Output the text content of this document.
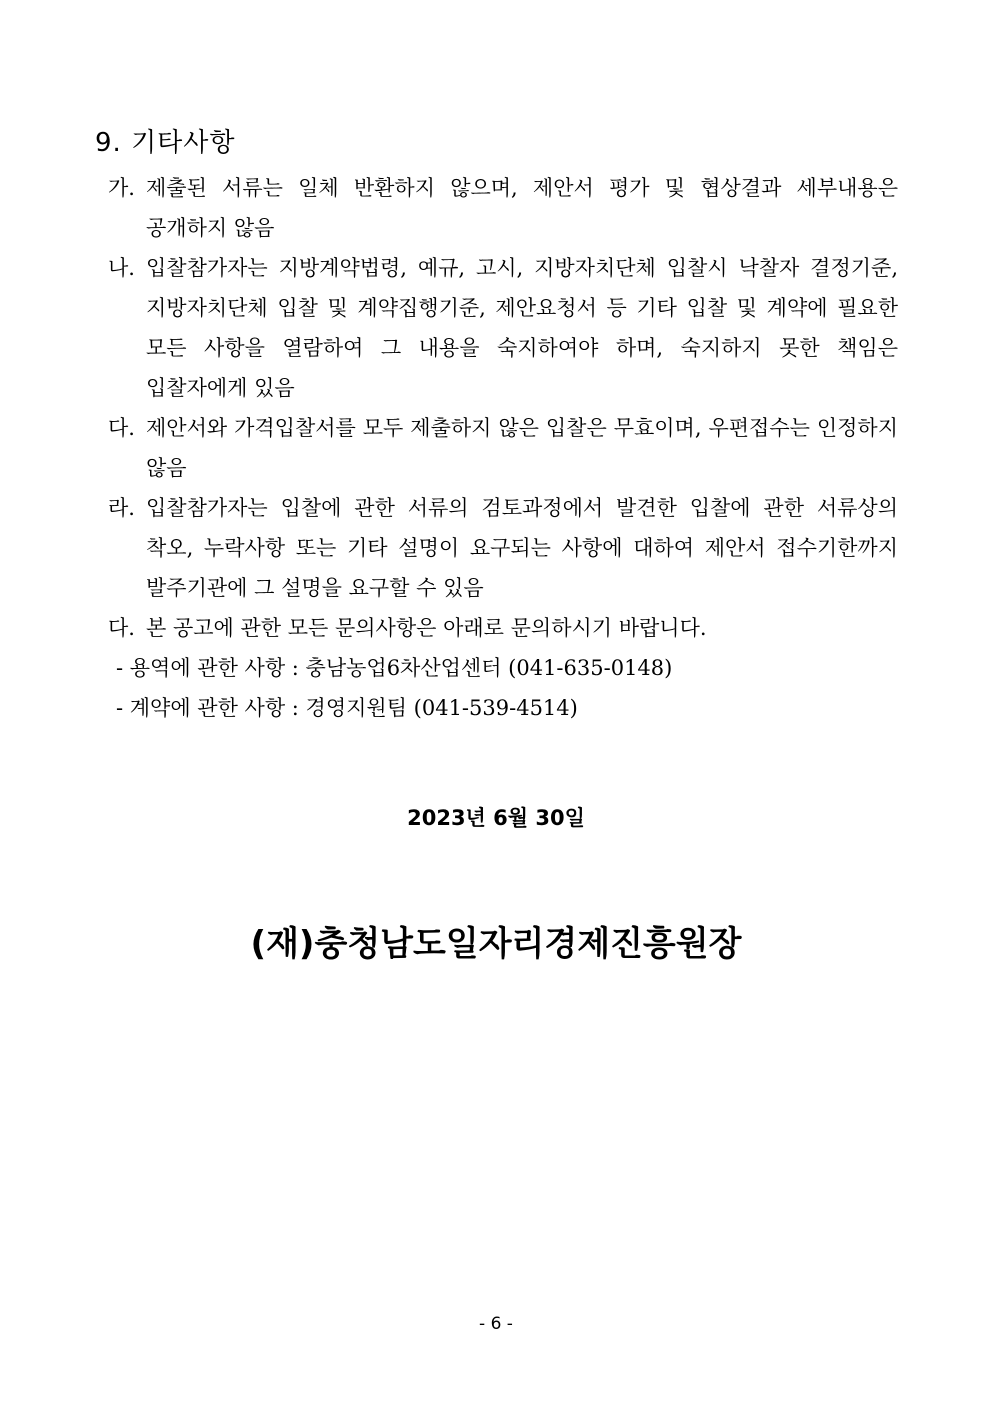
9. 기타사항
가. 제출된 서류는 일체 반환하지 않으며, 제안서 평가 및 협상결과 세부내용은 공개하지 않음
나. 입찰참가자는 지방계약법령, 예규, 고시, 지방자치단체 입찰시 낙찰자 결정기준, 지방자치단체 입찰 및 계약집행기준, 제안요청서 등 기타 입찰 및 계약에 필요한 모든 사항을 열람하여 그 내용을 숙지하여야 하며, 숙지하지 못한 책임은 입찰자에게 있음
다. 제안서와 가격입찰서를 모두 제출하지 않은 입찰은 무효이며, 우편접수는 인정하지 않음
라. 입찰참가자는 입찰에 관한 서류의 검토과정에서 발견한 입찰에 관한 서류상의 착오, 누락사항 또는 기타 설명이 요구되는 사항에 대하여 제안서 접수기한까지 발주기관에 그 설명을 요구할 수 있음
다. 본 공고에 관한 모든 문의사항은 아래로 문의하시기 바랍니다.
- 용역에 관한 사항 : 충남농업6차산업센터 (041-635-0148)
- 계약에 관한 사항 : 경영지원팀 (041-539-4514)
2023년 6월 30일
(재)충청남도일자리경제진흥원장
- 6 -
